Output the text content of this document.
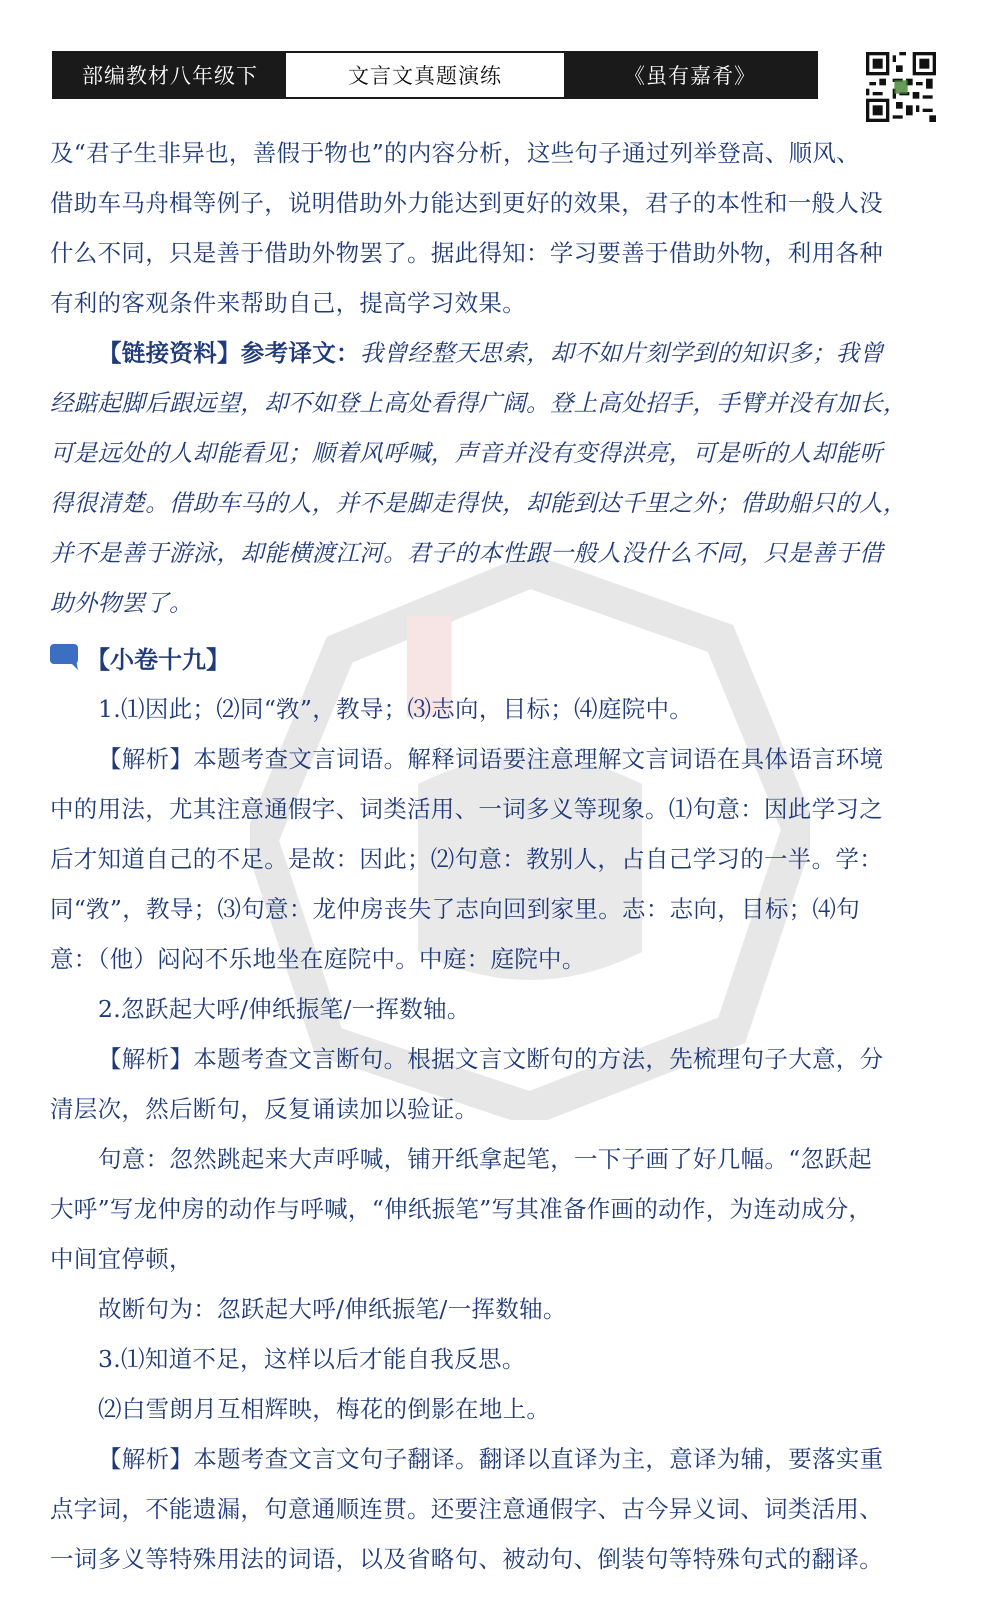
部编教材八年级下	文言文真题演练	《虽有嘉肴》

及“君子生非异也，善假于物也”的内容分析，这些句子通过列举登高、顺风、

借助车马舟楫等例子，说明借助外力能达到更好的效果，君子的本性和一般人没

什么不同，只是善于借助外物罢了。据此得知：学习要善于借助外物，利用各种

有利的客观条件来帮助自己，提高学习效果。

【链接资料】参考译文：我曾经整天思索，却不如片刻学到的知识多；我曾

经踮起脚后跟远望，却不如登上高处看得广阔。登上高处招手，手臂并没有加长，

可是远处的人却能看见；顺着风呼喊，声音并没有变得洪亮，可是听的人却能听

得很清楚。借助车马的人，并不是脚走得快，却能到达千里之外；借助船只的人，

并不是善于游泳，却能横渡江河。君子的本性跟一般人没什么不同，只是善于借

助外物罢了。

【小卷十九】

1.⑴因此；⑵同“敩”，教导；⑶志向，目标；⑷庭院中。

【解析】本题考查文言词语。解释词语要注意理解文言词语在具体语言环境

中的用法，尤其注意通假字、词类活用、一词多义等现象。⑴句意：因此学习之

后才知道自己的不足。是故：因此；⑵句意：教别人，占自己学习的一半。学：

同“敩”，教导；⑶句意：龙仲房丧失了志向回到家里。志：志向，目标；⑷句

意：（他）闷闷不乐地坐在庭院中。中庭：庭院中。

2.忽跃起大呼/伸纸振笔/一挥数轴。

【解析】本题考查文言断句。根据文言文断句的方法，先梳理句子大意，分

清层次，然后断句，反复诵读加以验证。

句意：忽然跳起来大声呼喊，铺开纸拿起笔，一下子画了好几幅。“忽跃起

大呼”写龙仲房的动作与呼喊，“伸纸振笔”写其准备作画的动作，为连动成分，

中间宜停顿，

故断句为：忽跃起大呼/伸纸振笔/一挥数轴。

3.⑴知道不足，这样以后才能自我反思。

⑵白雪朗月互相辉映，梅花的倒影在地上。

【解析】本题考查文言文句子翻译。翻译以直译为主，意译为辅，要落实重

点字词，不能遗漏，句意通顺连贯。还要注意通假字、古今异义词、词类活用、

一词多义等特殊用法的词语，以及省略句、被动句、倒装句等特殊句式的翻译。
